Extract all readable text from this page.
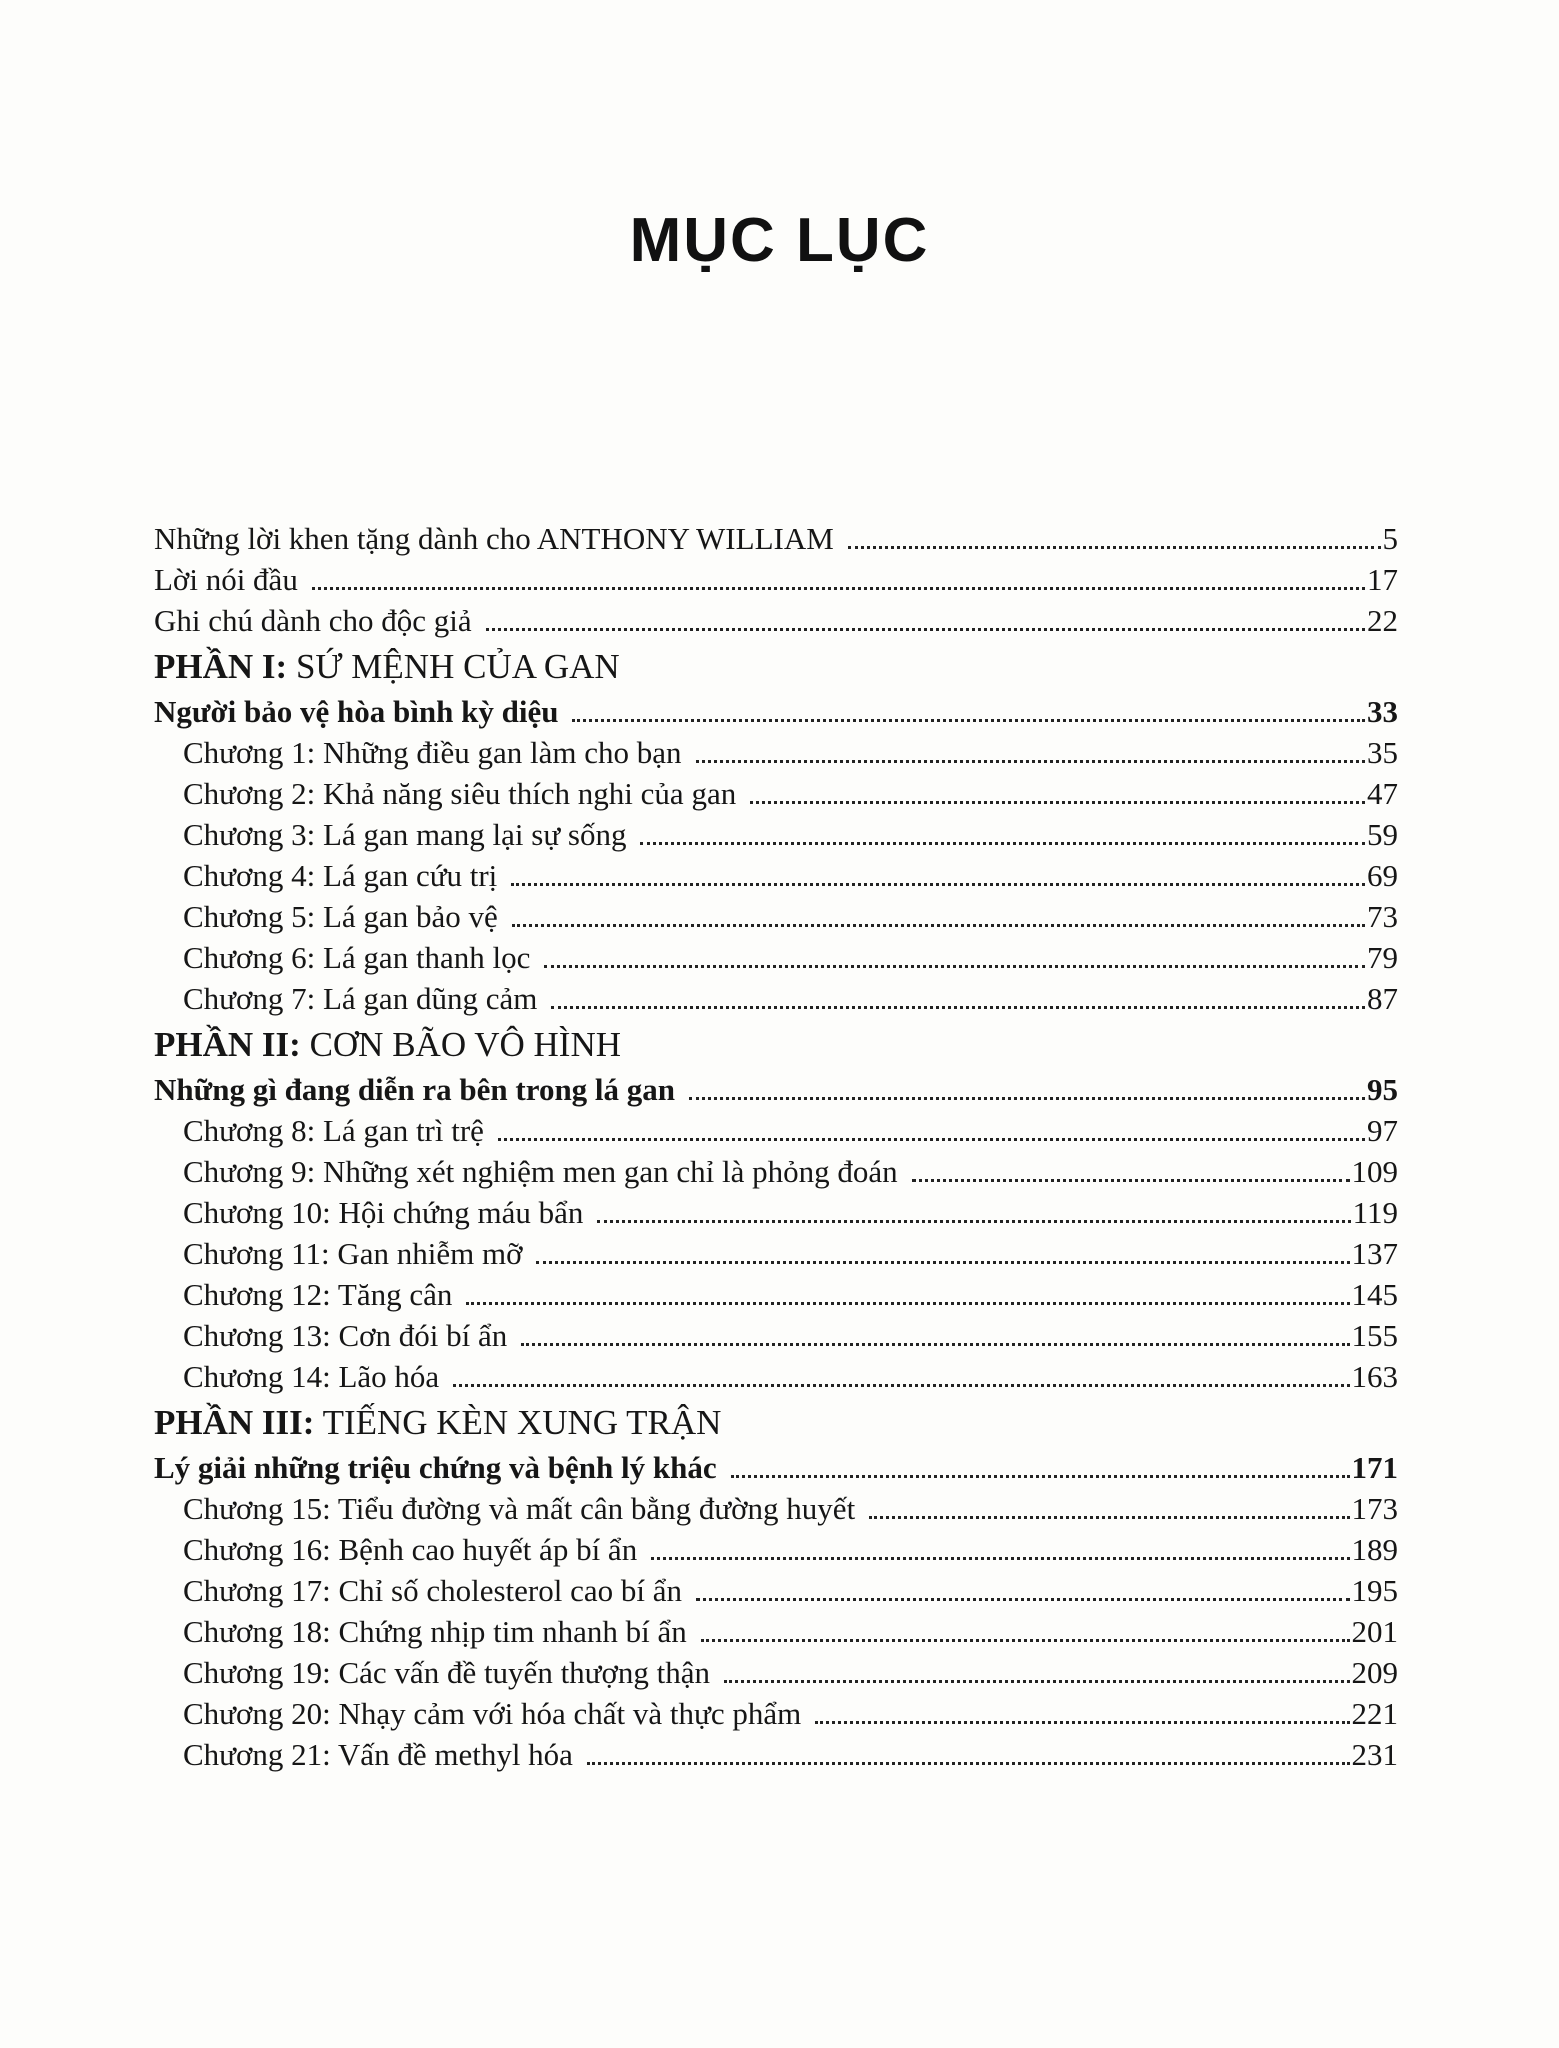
MỤC LỤC
Những lời khen tặng dành cho ANTHONY WILLIAM	5
Lời nói đầu	17
Ghi chú dành cho độc giả	22
PHẦN I: SỨ MỆNH CỦA GAN
Người bảo vệ hòa bình kỳ diệu	33
Chương 1: Những điều gan làm cho bạn	35
Chương 2: Khả năng siêu thích nghi của gan	47
Chương 3: Lá gan mang lại sự sống	59
Chương 4: Lá gan cứu trị	69
Chương 5: Lá gan bảo vệ	73
Chương 6: Lá gan thanh lọc	79
Chương 7: Lá gan dũng cảm	87
PHẦN II: CƠN BÃO VÔ HÌNH
Những gì đang diễn ra bên trong lá gan	95
Chương 8: Lá gan trì trệ	97
Chương 9: Những xét nghiệm men gan chỉ là phỏng đoán	109
Chương 10: Hội chứng máu bẩn	119
Chương 11: Gan nhiễm mỡ	137
Chương 12: Tăng cân	145
Chương 13: Cơn đói bí ẩn	155
Chương 14: Lão hóa	163
PHẦN III: TIẾNG KÈN XUNG TRẬN
Lý giải những triệu chứng và bệnh lý khác	171
Chương 15: Tiểu đường và mất cân bằng đường huyết	173
Chương 16: Bệnh cao huyết áp bí ẩn	189
Chương 17: Chỉ số cholesterol cao bí ẩn	195
Chương 18: Chứng nhịp tim nhanh bí ẩn	201
Chương 19: Các vấn đề tuyến thượng thận	209
Chương 20: Nhạy cảm với hóa chất và thực phẩm	221
Chương 21: Vấn đề methyl hóa	231
